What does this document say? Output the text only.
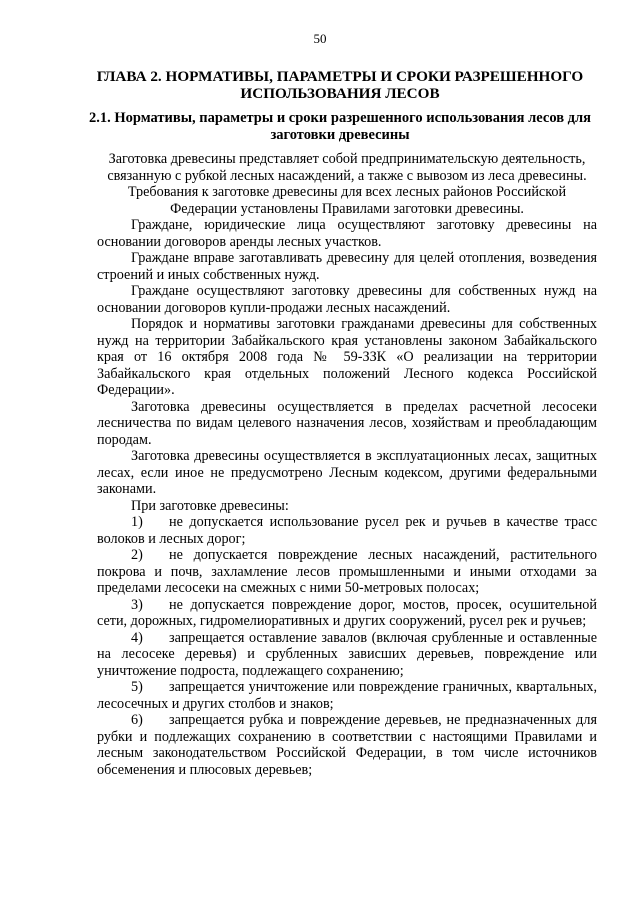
50
ГЛАВА 2. НОРМАТИВЫ, ПАРАМЕТРЫ И СРОКИ РАЗРЕШЕННОГО ИСПОЛЬЗОВАНИЯ ЛЕСОВ
2.1. Нормативы, параметры и сроки разрешенного использования лесов для заготовки древесины

Заготовка древесины представляет собой предпринимательскую деятельность, связанную с рубкой лесных насаждений, а также с вывозом из леса древесины. Требования к заготовке древесины для всех лесных районов Российской Федерации установлены Правилами заготовки древесины.

Граждане, юридические лица осуществляют заготовку древесины на основании договоров аренды лесных участков.

Граждане вправе заготавливать древесину для целей отопления, возведения строений и иных собственных нужд.

Граждане осуществляют заготовку древесины для собственных нужд на основании договоров купли-продажи лесных насаждений.

Порядок и нормативы заготовки гражданами древесины для собственных нужд на территории Забайкальского края установлены законом Забайкальского края от 16 октября 2008 года № 59-ЗЗК «О реализации на территории Забайкальского края отдельных положений Лесного кодекса Российской Федерации».

Заготовка древесины осуществляется в пределах расчетной лесосеки лесничества по видам целевого назначения лесов, хозяйствам и преобладающим породам.

Заготовка древесины осуществляется в эксплуатационных лесах, защитных лесах, если иное не предусмотрено Лесным кодексом, другими федеральными законами.

При заготовке древесины:

1) не допускается использование русел рек и ручьев в качестве трасс волоков и лесных дорог;

2) не допускается повреждение лесных насаждений, растительного покрова и почв, захламление лесов промышленными и иными отходами за пределами лесосеки на смежных с ними 50-метровых полосах;

3) не допускается повреждение дорог, мостов, просек, осушительной сети, дорожных, гидромелиоративных и других сооружений, русел рек и ручьев;

4) запрещается оставление завалов (включая срубленные и оставленные на лесосеке деревья) и срубленных зависших деревьев, повреждение или уничтожение подроста, подлежащего сохранению;

5) запрещается уничтожение или повреждение граничных, квартальных, лесосечных и других столбов и знаков;

6) запрещается рубка и повреждение деревьев, не предназначенных для рубки и подлежащих сохранению в соответствии с настоящими Правилами и лесным законодательством Российской Федерации, в том числе источников обсеменения и плюсовых деревьев;
